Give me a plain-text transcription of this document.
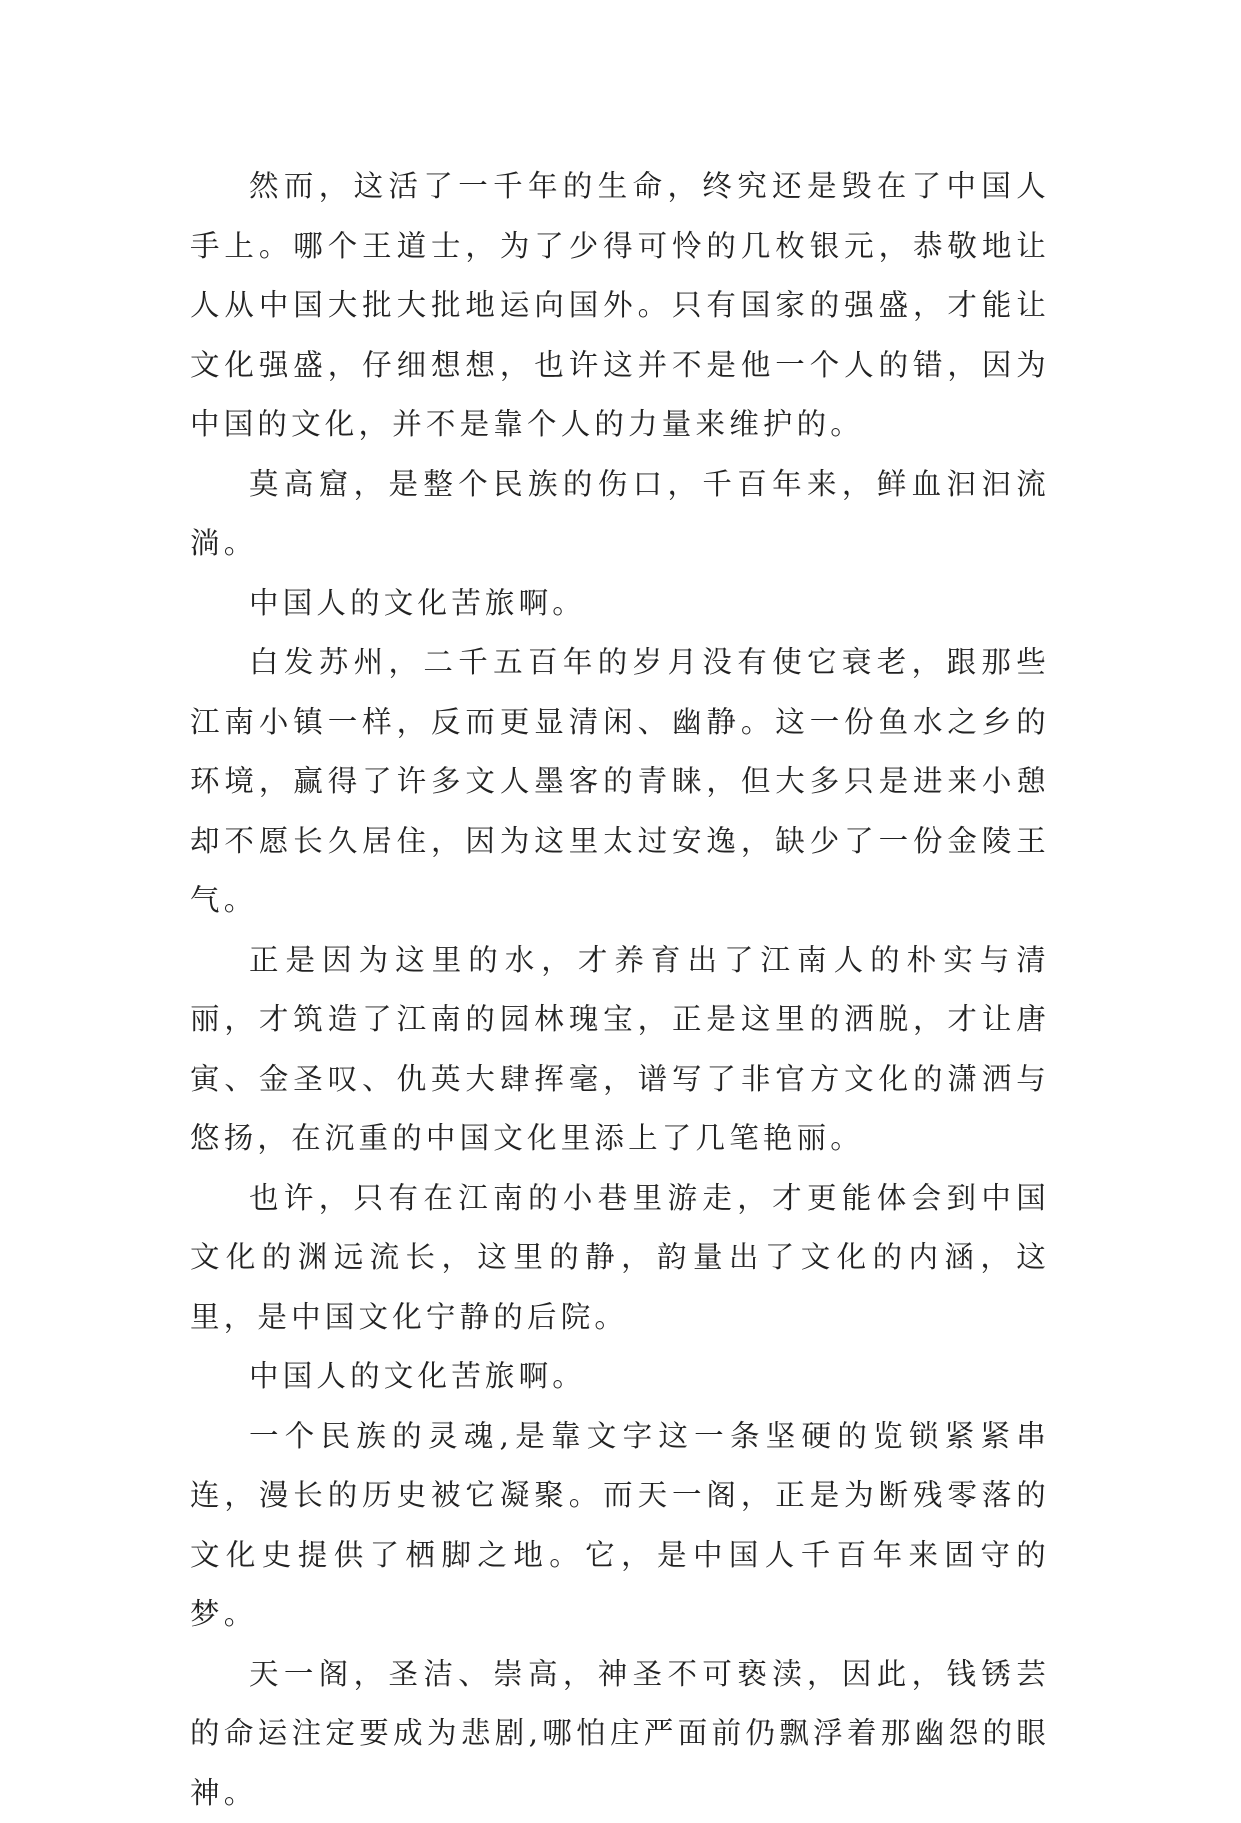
然而，这活了一千年的生命，终究还是毁在了中国人手上。哪个王道士，为了少得可怜的几枚银元，恭敬地让人从中国大批大批地运向国外。只有国家的强盛，才能让文化强盛，仔细想想，也许这并不是他一个人的错，因为中国的文化，并不是靠个人的力量来维护的。

莫高窟，是整个民族的伤口，千百年来，鲜血汩汩流淌。

中国人的文化苦旅啊。

白发苏州，二千五百年的岁月没有使它衰老，跟那些江南小镇一样，反而更显清闲、幽静。这一份鱼水之乡的环境，赢得了许多文人墨客的青睐，但大多只是进来小憩却不愿长久居住，因为这里太过安逸，缺少了一份金陵王气。

正是因为这里的水，才养育出了江南人的朴实与清丽，才筑造了江南的园林瑰宝，正是这里的洒脱，才让唐寅、金圣叹、仇英大肆挥毫，谱写了非官方文化的潇洒与悠扬，在沉重的中国文化里添上了几笔艳丽。

也许，只有在江南的小巷里游走，才更能体会到中国文化的渊远流长，这里的静，韵量出了文化的内涵，这里，是中国文化宁静的后院。

中国人的文化苦旅啊。

一个民族的灵魂,是靠文字这一条坚硬的览锁紧紧串连，漫长的历史被它凝聚。而天一阁，正是为断残零落的文化史提供了栖脚之地。它，是中国人千百年来固守的梦。

天一阁，圣洁、崇高，神圣不可亵渎，因此，钱锈芸的命运注定要成为悲剧,哪怕庄严面前仍飘浮着那幽怨的眼神。
